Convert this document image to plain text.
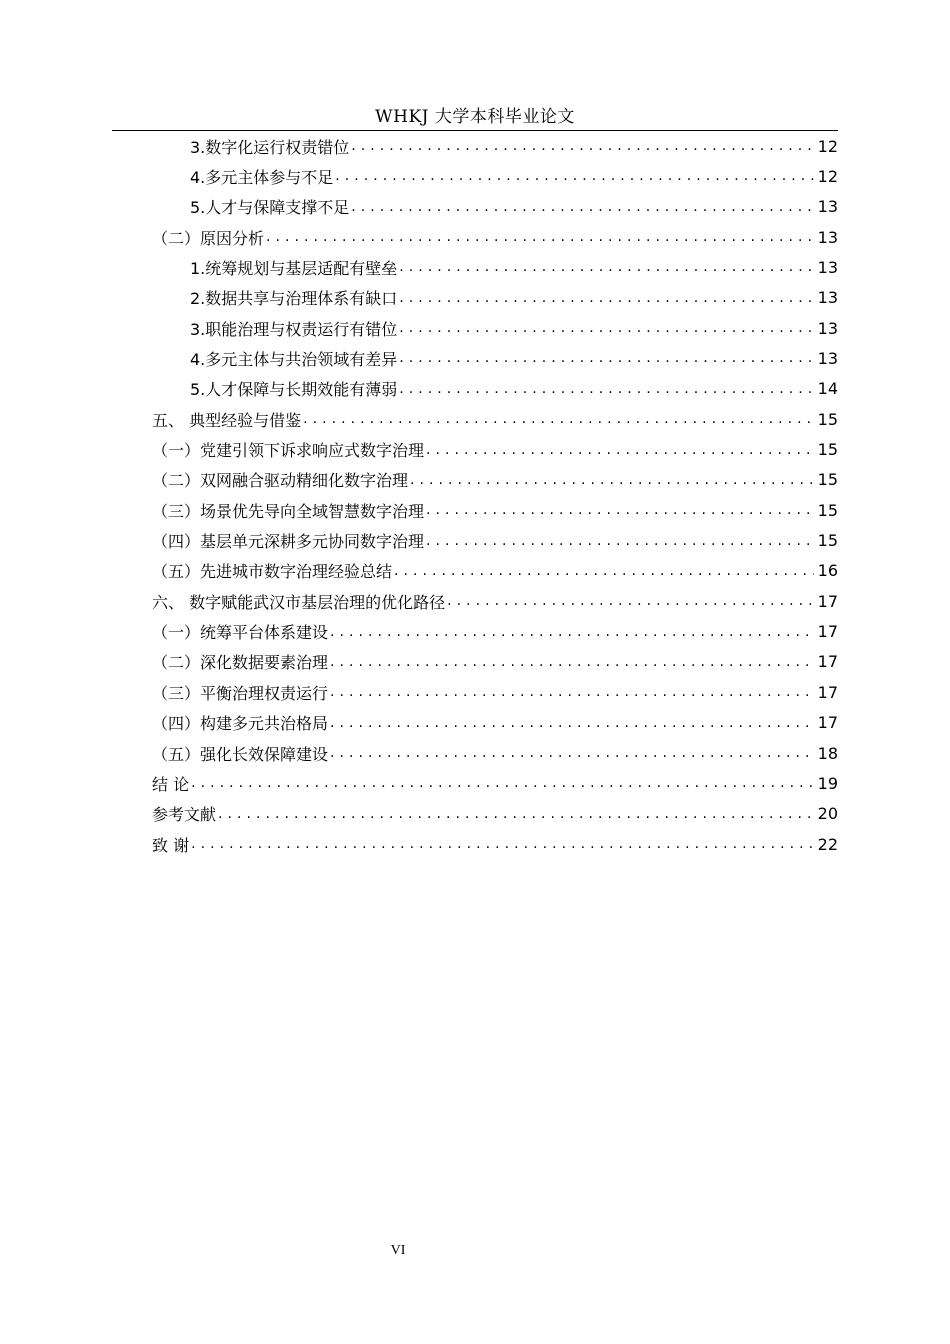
WHKJ 大学本科毕业论文
3.数字化运行权责错位 . . .	12
4.多元主体参与不足 . . .	12
5.人才与保障支撑不足 . . .	13
（二）原因分析 . . .	13
1.统筹规划与基层适配有壁垒 . . .	13
2.数据共享与治理体系有缺口 . . .	13
3.职能治理与权责运行有错位 . . .	13
4.多元主体与共治领域有差异 . . .	13
5.人才保障与长期效能有薄弱 . . .	14
五、 典型经验与借鉴 . . .	15
（一）党建引领下诉求响应式数字治理 . . .	15
（二）双网融合驱动精细化数字治理 . . .	15
（三）场景优先导向全域智慧数字治理 . . .	15
（四）基层单元深耕多元协同数字治理 . . .	15
（五）先进城市数字治理经验总结 . . .	16
六、 数字赋能武汉市基层治理的优化路径 . . .	17
（一）统筹平台体系建设 . . .	17
（二）深化数据要素治理 . . .	17
（三）平衡治理权责运行 . . .	17
（四）构建多元共治格局 . . .	17
（五）强化长效保障建设 . . .	18
结 论 . . .	19
参考文献 . . .	20
致 谢 . . .	22
VI
